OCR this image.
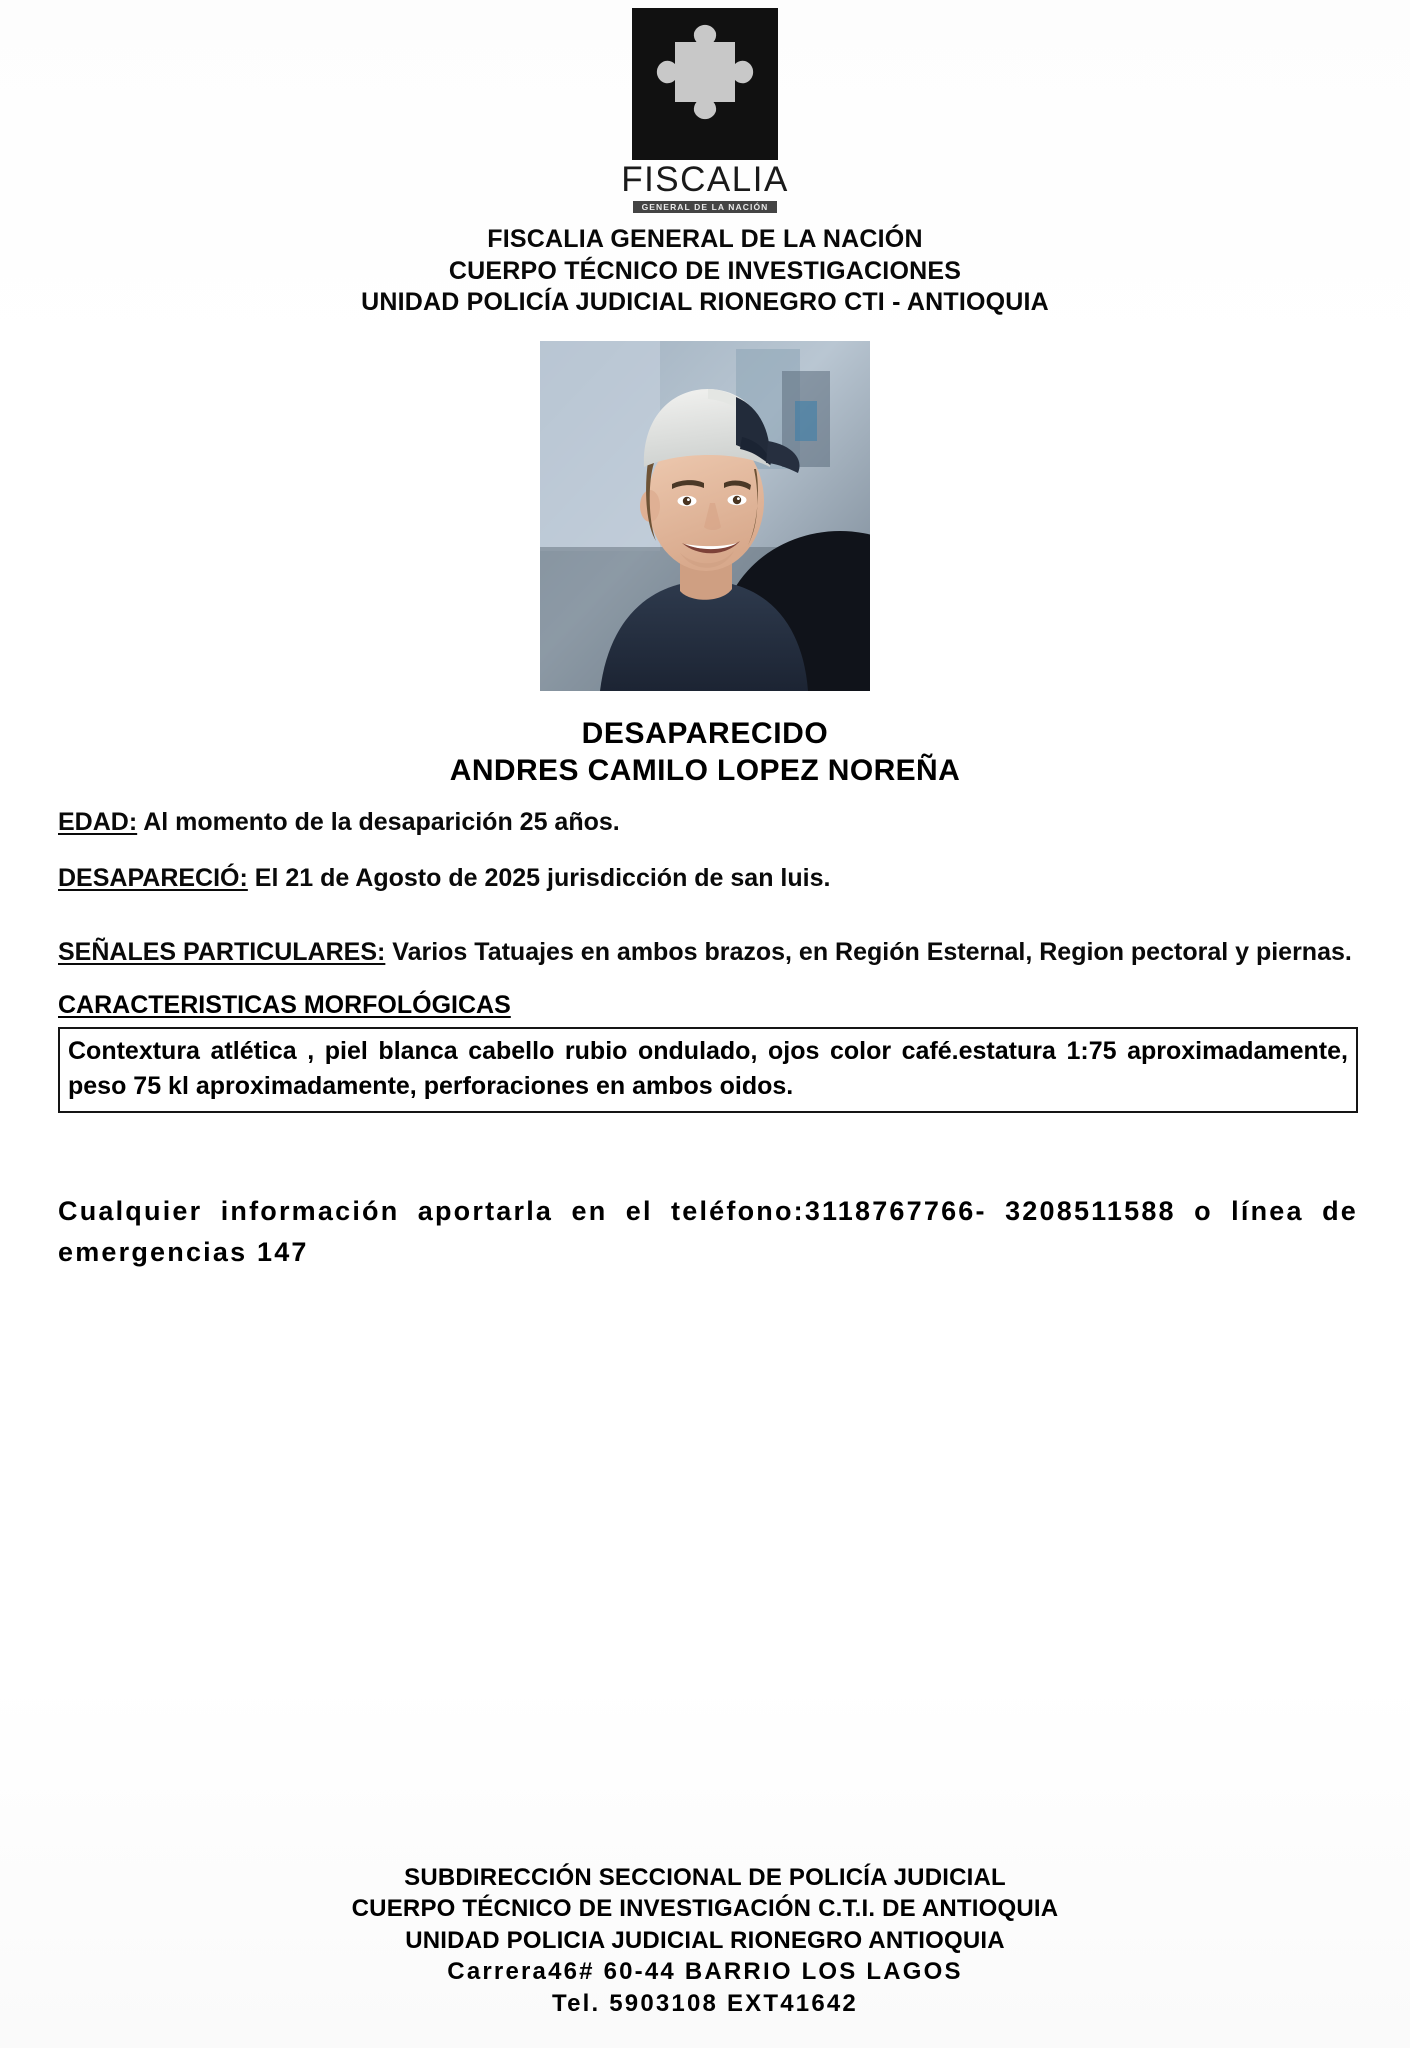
FISCALIA
GENERAL DE LA NACIÓN
FISCALIA GENERAL DE LA NACIÓN
CUERPO TÉCNICO DE INVESTIGACIONES
UNIDAD POLICÍA JUDICIAL RIONEGRO CTI - ANTIOQUIA
DESAPARECIDO
ANDRES CAMILO LOPEZ NOREÑA
EDAD: Al momento de la desaparición 25 años.
DESAPARECIÓ: El 21 de Agosto de 2025 jurisdicción de san luis.
SEÑALES PARTICULARES: Varios Tatuajes en ambos brazos, en Región Esternal, Region pectoral y piernas.
CARACTERISTICAS MORFOLÓGICAS
Contextura atlética , piel blanca cabello rubio ondulado, ojos color café.estatura 1:75 aproximadamente, peso 75 kl aproximadamente, perforaciones en ambos oidos.
Cualquier información aportarla en el teléfono:3118767766- 3208511588 o línea de emergencias 147
SUBDIRECCIÓN SECCIONAL DE POLICÍA JUDICIAL
CUERPO TÉCNICO DE INVESTIGACIÓN C.T.I. DE ANTIOQUIA
UNIDAD POLICIA JUDICIAL RIONEGRO ANTIOQUIA
Carrera46# 60-44 BARRIO LOS LAGOS
Tel. 5903108 EXT41642
